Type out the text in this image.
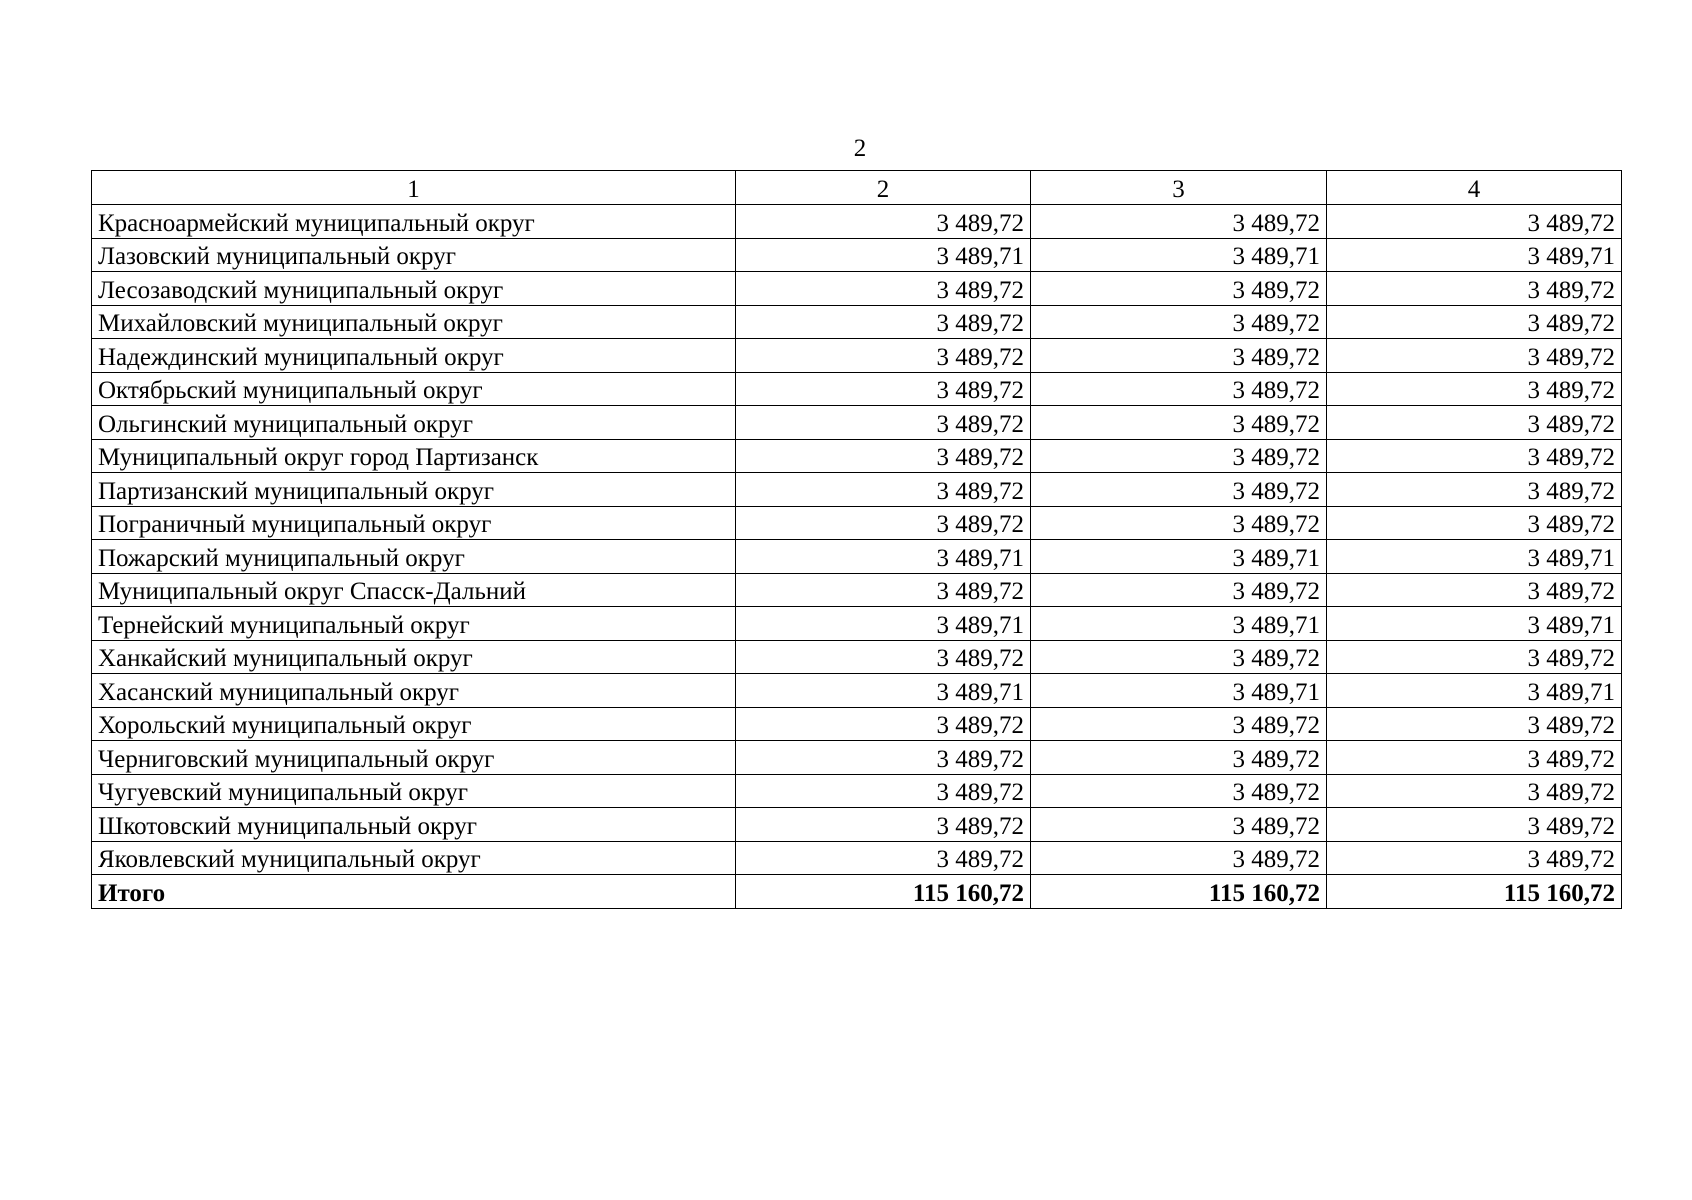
2
1	2	3	4
Красноармейский муниципальный округ	3 489,72	3 489,72	3 489,72
Лазовский муниципальный округ	3 489,71	3 489,71	3 489,71
Лесозаводский муниципальный округ	3 489,72	3 489,72	3 489,72
Михайловский муниципальный округ	3 489,72	3 489,72	3 489,72
Надеждинский муниципальный округ	3 489,72	3 489,72	3 489,72
Октябрьский муниципальный округ	3 489,72	3 489,72	3 489,72
Ольгинский муниципальный округ	3 489,72	3 489,72	3 489,72
Муниципальный округ город Партизанск	3 489,72	3 489,72	3 489,72
Партизанский муниципальный округ	3 489,72	3 489,72	3 489,72
Пограничный муниципальный округ	3 489,72	3 489,72	3 489,72
Пожарский муниципальный округ	3 489,71	3 489,71	3 489,71
Муниципальный округ Спасск-Дальний	3 489,72	3 489,72	3 489,72
Тернейский муниципальный округ	3 489,71	3 489,71	3 489,71
Ханкайский муниципальный округ	3 489,72	3 489,72	3 489,72
Хасанский муниципальный округ	3 489,71	3 489,71	3 489,71
Хорольский муниципальный округ	3 489,72	3 489,72	3 489,72
Черниговский муниципальный округ	3 489,72	3 489,72	3 489,72
Чугуевский муниципальный округ	3 489,72	3 489,72	3 489,72
Шкотовский муниципальный округ	3 489,72	3 489,72	3 489,72
Яковлевский муниципальный округ	3 489,72	3 489,72	3 489,72
Итого	115 160,72	115 160,72	115 160,72
